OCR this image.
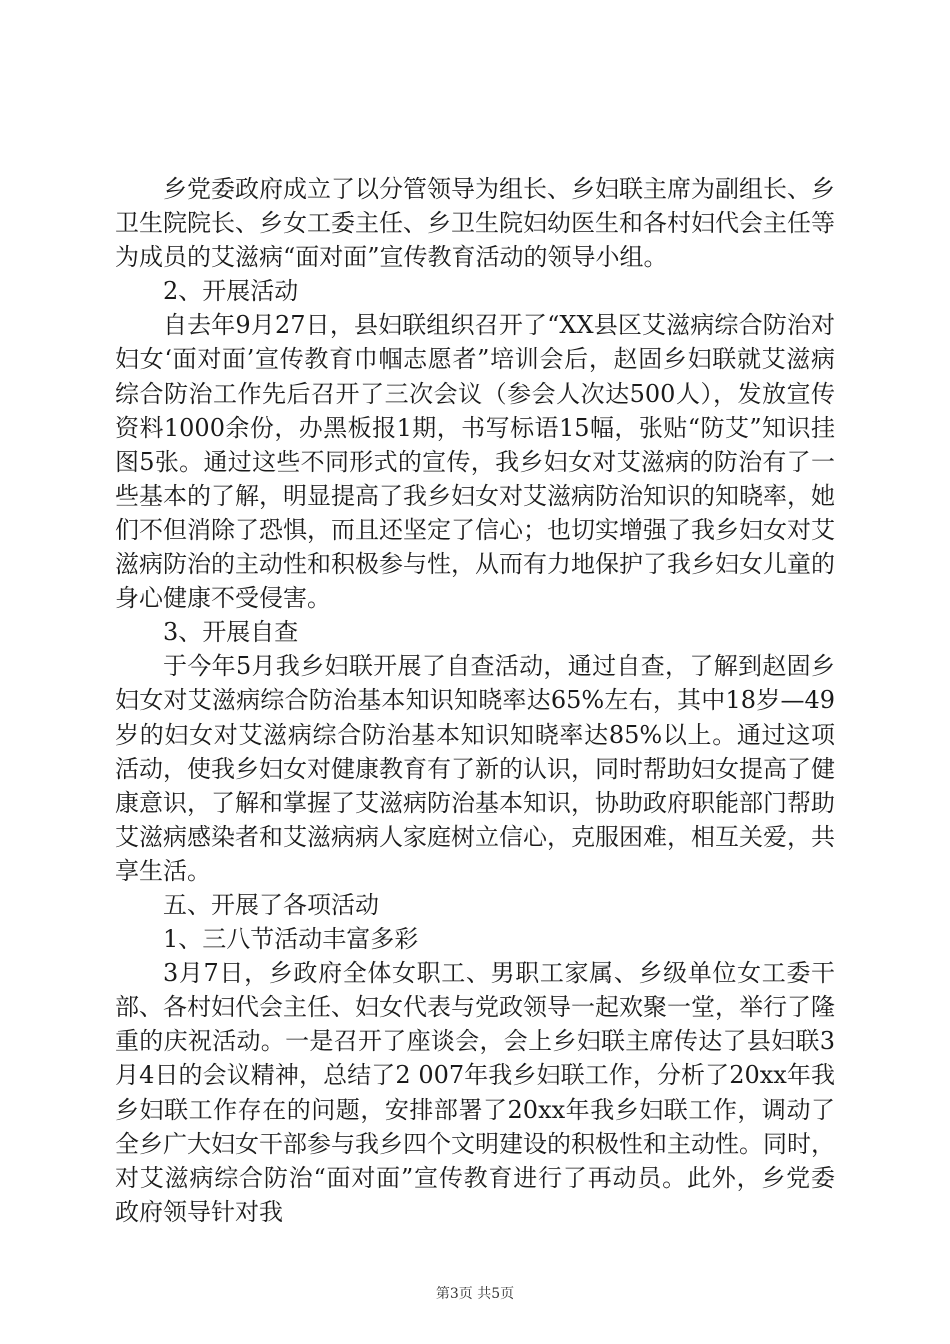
乡党委政府成立了以分管领导为组长、乡妇联主席为副组长、乡卫生院院长、乡女工委主任、乡卫生院妇幼医生和各村妇代会主任等为成员的艾滋病“面对面”宣传教育活动的领导小组。

2、开展活动

自去年9月27日，县妇联组织召开了“XX县区艾滋病综合防治对妇女‘面对面’宣传教育巾帼志愿者”培训会后，赵固乡妇联就艾滋病综合防治工作先后召开了三次会议（参会人次达500人），发放宣传资料1000余份，办黑板报1期，书写标语15幅，张贴“防艾”知识挂图5张。通过这些不同形式的宣传，我乡妇女对艾滋病的防治有了一些基本的了解，明显提高了我乡妇女对艾滋病防治知识的知晓率，她们不但消除了恐惧，而且还坚定了信心；也切实增强了我乡妇女对艾滋病防治的主动性和积极参与性，从而有力地保护了我乡妇女儿童的身心健康不受侵害。

3、开展自查

于今年5月我乡妇联开展了自查活动，通过自查，了解到赵固乡妇女对艾滋病综合防治基本知识知晓率达65%左右，其中18岁—49岁的妇女对艾滋病综合防治基本知识知晓率达85%以上。通过这项活动，使我乡妇女对健康教育有了新的认识，同时帮助妇女提高了健康意识，了解和掌握了艾滋病防治基本知识，协助政府职能部门帮助艾滋病感染者和艾滋病病人家庭树立信心，克服困难，相互关爱，共享生活。

五、开展了各项活动

1、三八节活动丰富多彩

3月7日，乡政府全体女职工、男职工家属、乡级单位女工委干部、各村妇代会主任、妇女代表与党政领导一起欢聚一堂，举行了隆重的庆祝活动。一是召开了座谈会，会上乡妇联主席传达了县妇联3月4日的会议精神，总结了2 007年我乡妇联工作，分析了20xx年我乡妇联工作存在的问题，安排部署了20xx年我乡妇联工作，调动了全乡广大妇女干部参与我乡四个文明建设的积极性和主动性。同时，对艾滋病综合防治“面对面”宣传教育进行了再动员。此外，乡党委政府领导针对我

第3页 共5页
